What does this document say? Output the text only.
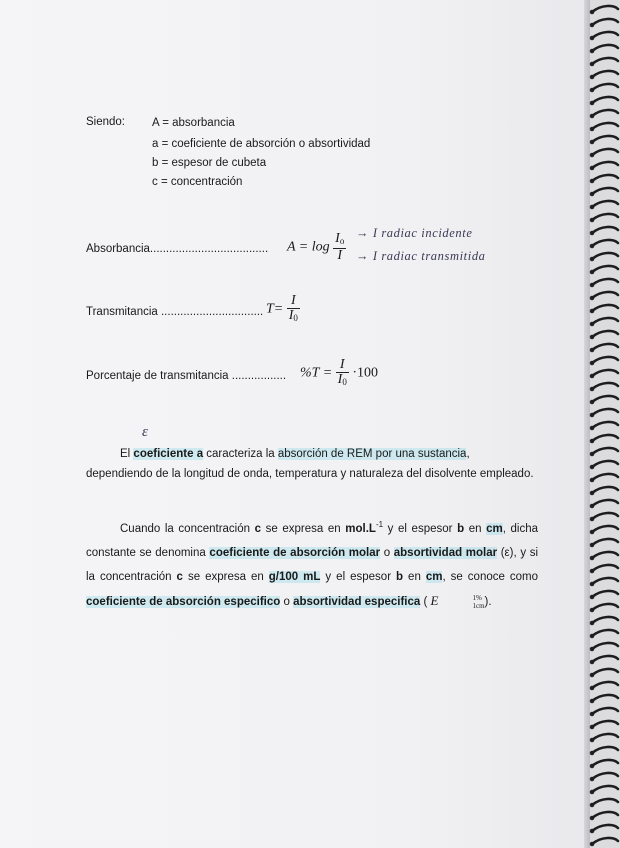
Siendo: A = absorbancia
a = coeficiente de absorción o absortividad
b = espesor de cubeta
c = concentración
Absorbancia..................................... $A = \log \frac{I_o}{I} \to I$ radiac incidente
→ I radiac transmitida
Transmitancia ................................ $T= \frac{I}{I_0}$
Porcentaje de transmitancia ................. $\%T = \frac{I}{I_0} \cdot 100$
ε
El coeficiente a caracteriza la absorción de REM por una sustancia, dependiendo de la longitud de onda, temperatura y naturaleza del disolvente empleado.
Cuando la concentración c se expresa en $mol.L^{-1}$ y el espesor b en cm, dicha constante se denomina coeficiente de absorción molar o absortividad molar (ε), y si la concentración c se expresa en g/100 mL y el espesor b en cm, se conoce como coeficiente de absorción especifico o absortividad especifica ( E	1%
1cm ).
